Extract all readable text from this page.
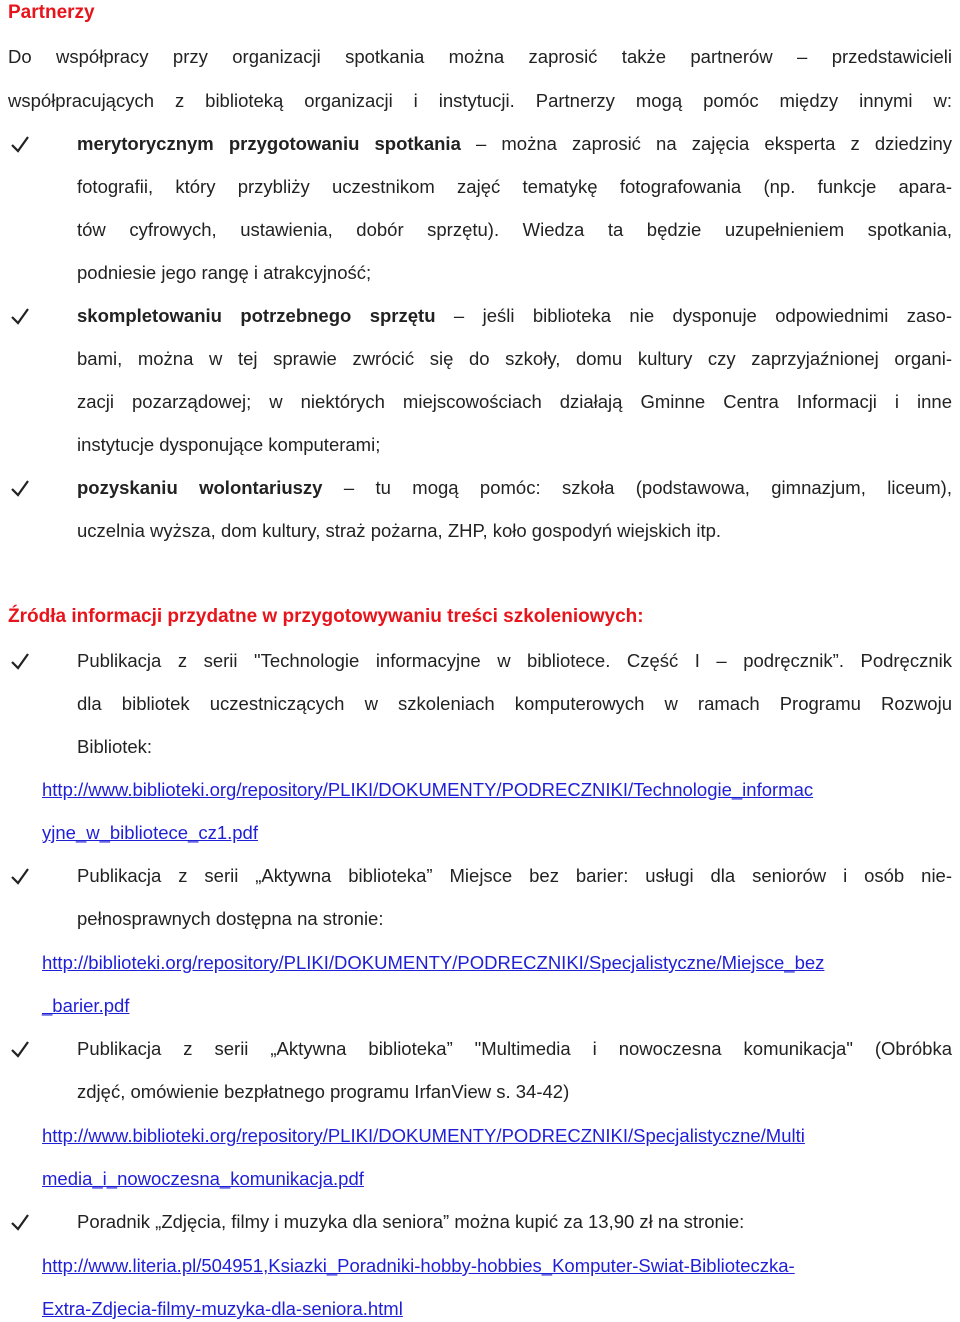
Partnerzy
Do współpracy przy organizacji spotkania można zaprosić także partnerów – przedstawicieli
współpracujących z biblioteką organizacji i instytucji. Partnerzy mogą pomóc między innymi w:
merytorycznym przygotowaniu spotkania – można zaprosić na zajęcia eksperta z dziedziny
fotografii, który przybliży uczestnikom zajęć tematykę fotografowania (np. funkcje apara-
tów cyfrowych, ustawienia, dobór sprzętu). Wiedza ta będzie uzupełnieniem spotkania,
podniesie jego rangę i atrakcyjność;
skompletowaniu potrzebnego sprzętu – jeśli biblioteka nie dysponuje odpowiednimi zaso-
bami, można w tej sprawie zwrócić się do szkoły, domu kultury czy zaprzyjaźnionej organi-
zacji pozarządowej; w niektórych miejscowościach działają Gminne Centra Informacji i inne
instytucje dysponujące komputerami;
pozyskaniu wolontariuszy – tu mogą pomóc: szkoła (podstawowa, gimnazjum, liceum),
uczelnia wyższa, dom kultury, straż pożarna, ZHP, koło gospodyń wiejskich itp.
Źródła informacji przydatne w przygotowywaniu treści szkoleniowych:
Publikacja z serii "Technologie informacyjne w bibliotece. Część I – podręcznik”. Podręcznik
dla bibliotek uczestniczących w szkoleniach komputerowych w ramach Programu Rozwoju
Bibliotek:
http://www.biblioteki.org/repository/PLIKI/DOKUMENTY/PODRECZNIKI/Technologie_informac
yjne_w_bibliotece_cz1.pdf
Publikacja z serii „Aktywna biblioteka” Miejsce bez barier: usługi dla seniorów i osób nie-
pełnosprawnych dostępna na stronie:
http://biblioteki.org/repository/PLIKI/DOKUMENTY/PODRECZNIKI/Specjalistyczne/Miejsce_bez
_barier.pdf
Publikacja z serii „Aktywna biblioteka” "Multimedia i nowoczesna komunikacja" (Obróbka
zdjęć, omówienie bezpłatnego programu IrfanView s. 34-42)
http://www.biblioteki.org/repository/PLIKI/DOKUMENTY/PODRECZNIKI/Specjalistyczne/Multi
media_i_nowoczesna_komunikacja.pdf
Poradnik „Zdjęcia, filmy i muzyka dla seniora” można kupić za 13,90 zł na stronie:
http://www.literia.pl/504951,Ksiazki_Poradniki-hobby-hobbies_Komputer-Swiat-Biblioteczka-
Extra-Zdjecia-filmy-muzyka-dla-seniora.html
